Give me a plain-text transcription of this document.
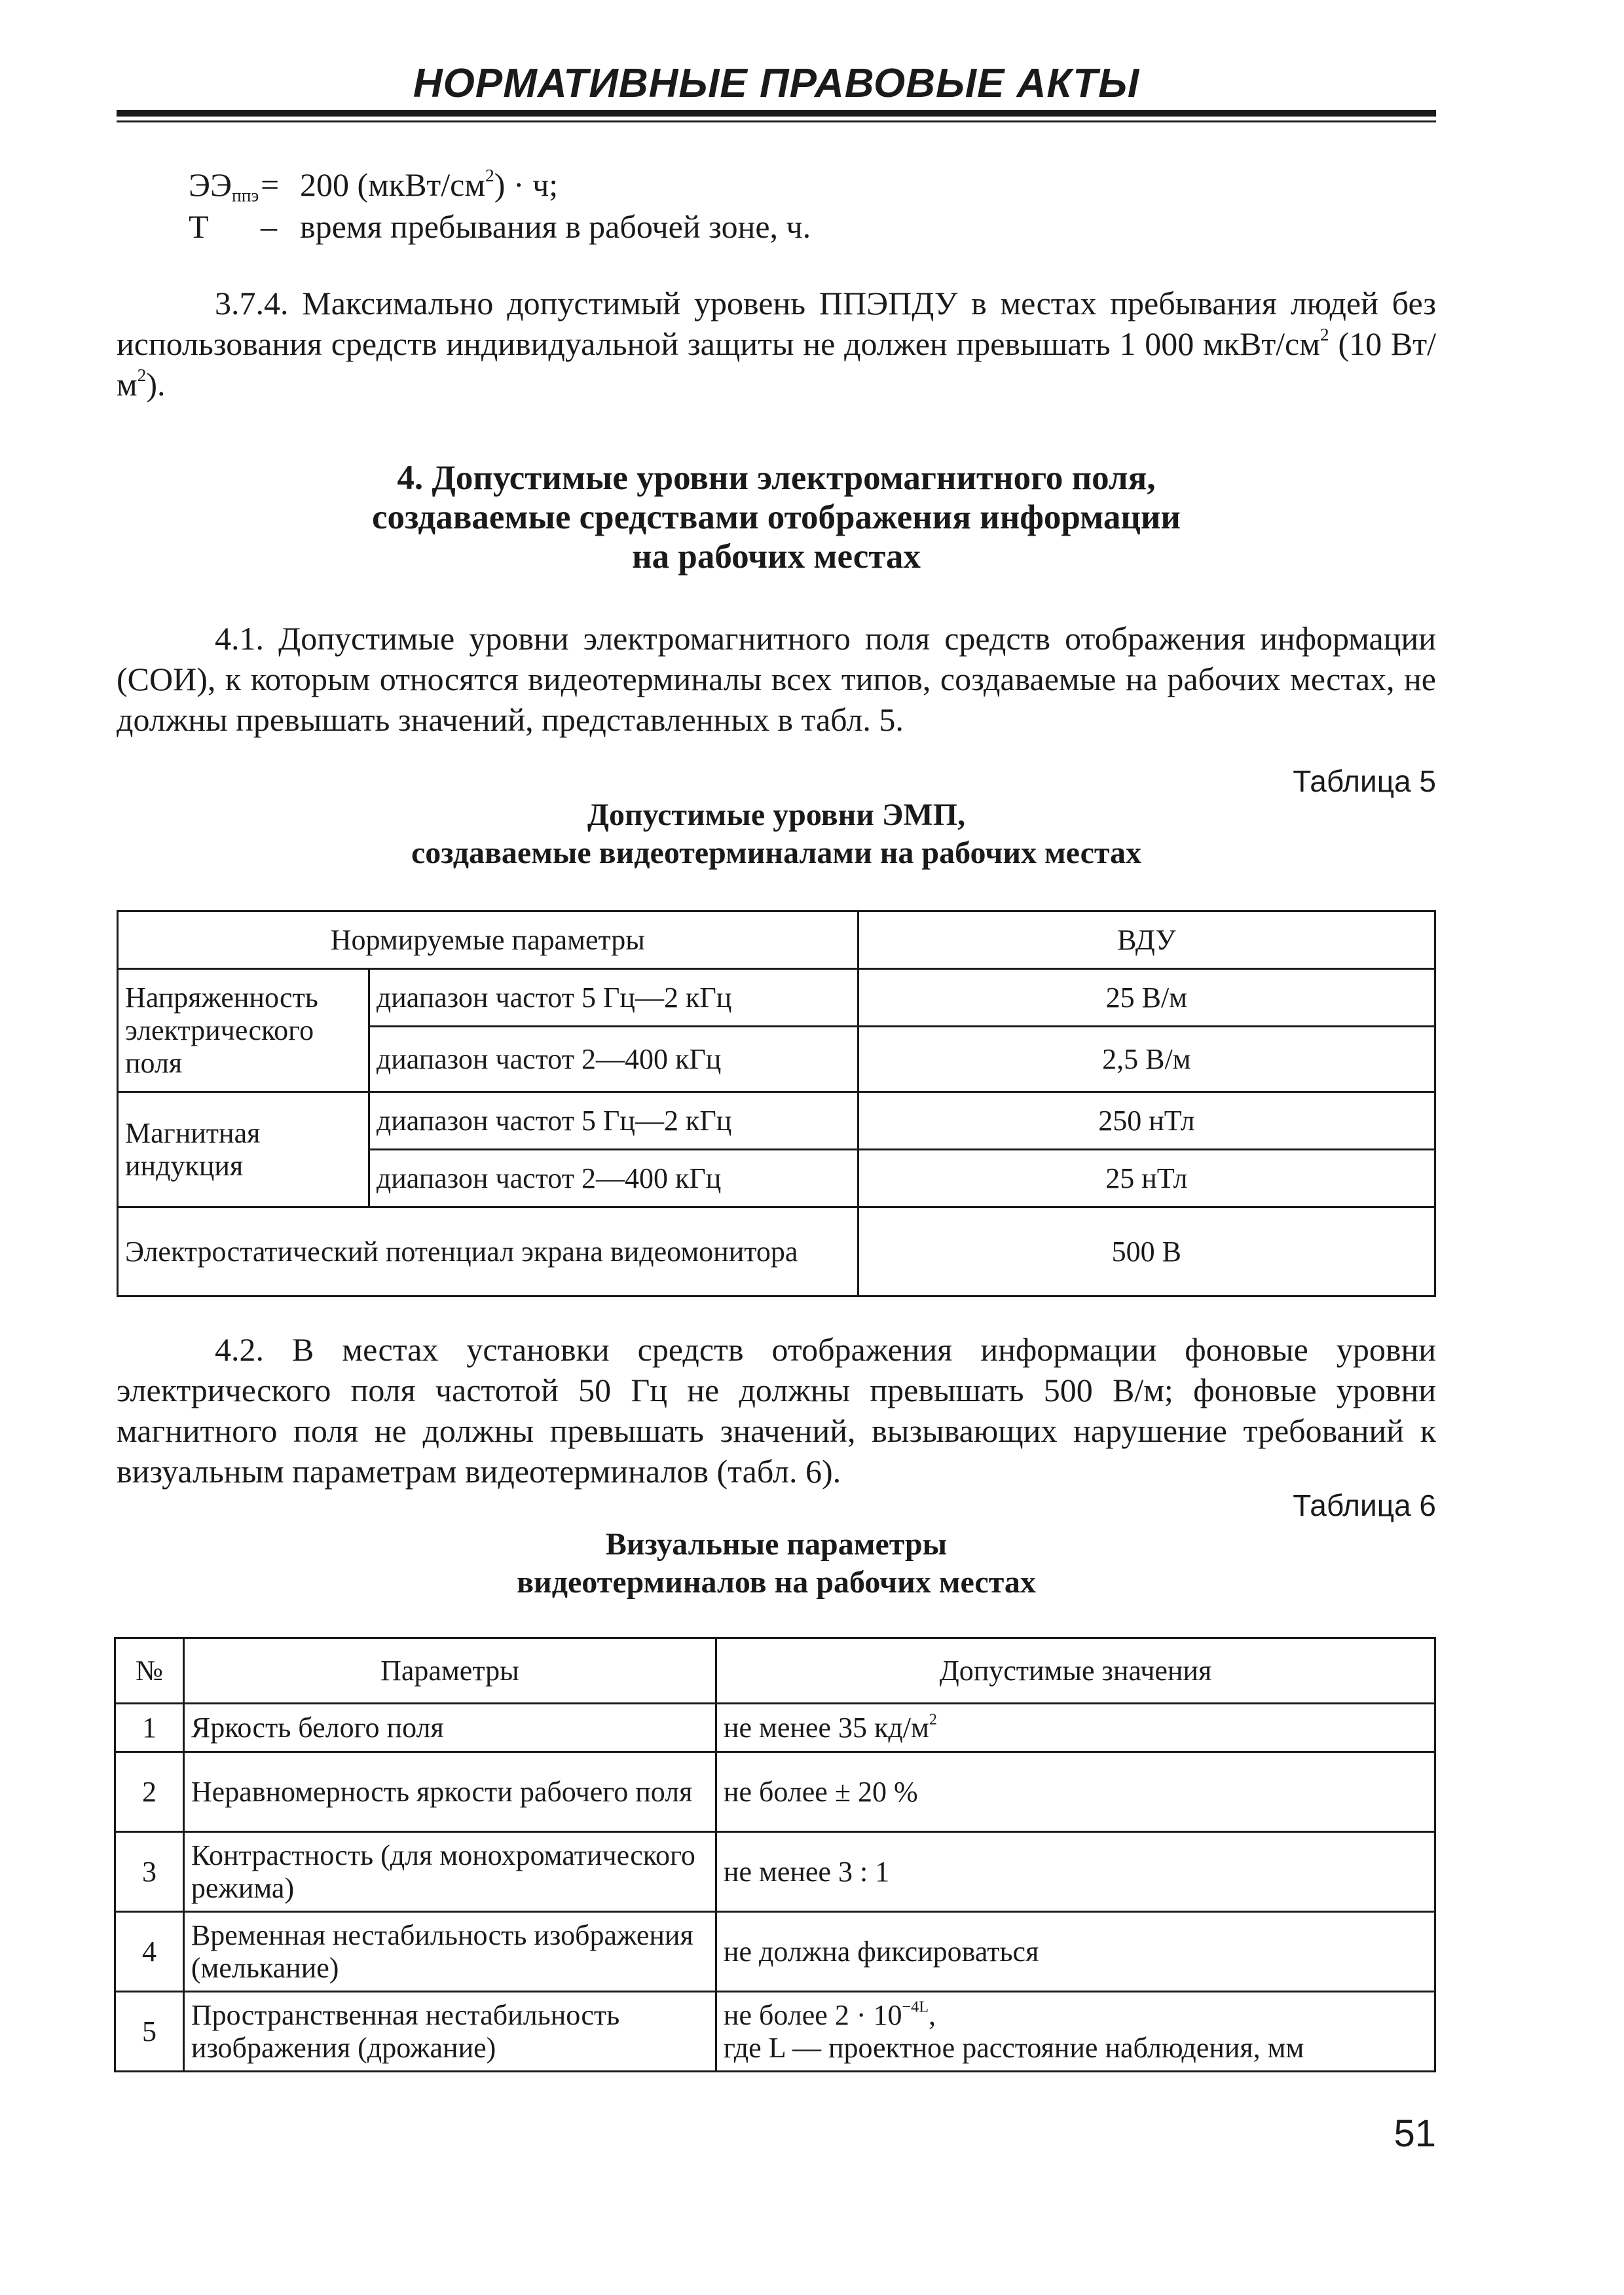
НОРМАТИВНЫЕ ПРАВОВЫЕ АКТЫ
$ЭЭ_{ппэ} = 200$ $(мкВт/см^2) \cdot ч$;
Т	– время пребывания в рабочей зоне, ч.

3.7.4. Максимально допустимый уровень ППЭПДУ в местах пребывания людей без использования средств индивидуальной защиты не должен превышать 1 000 мкВт/$см^2$ (10 $Вт/м^2$).

4. Допустимые уровни электромагнитного поля,
создаваемые средствами отображения информации
на рабочих местах

4.1. Допустимые уровни электромагнитного поля средств отображения информации (СОИ), к которым относятся видеотерминалы всех типов, создаваемые на рабочих местах, не должны превышать значений, представленных в табл. 5.

Таблица 5
Допустимые уровни ЭМП,
создаваемые видеотерминалами на рабочих местах
Нормируемые параметры		ВДУ
Напряженность электрического поля	диапазон частот 5 Гц—2 кГц	25 В/м
	диапазон частот 2—400 кГц	2,5 В/м
Магнитная индукция	диапазон частот 5 Гц—2 кГц	250 нТл
	диапазон частот 2—400 кГц	25 нТл
Электростатический потенциал экрана видеомонитора		500 В

4.2. В местах установки средств отображения информации фоновые уровни электрического поля частотой 50 Гц не должны превышать 500 В/м; фоновые уровни магнитного поля не должны превышать значений, вызывающих нарушение требований к визуальным параметрам видеотерминалов (табл. 6).

Таблица 6
Визуальные параметры
видеотерминалов на рабочих местах
№	Параметры	Допустимые значения
1	Яркость белого поля	не менее 35 $кд/м^2$
2	Неравномерность яркости рабочего поля	не более ± 20 %
3	Контрастность (для монохроматического режима)	не менее 3 : 1
4	Временная нестабильность изображения (мелькание)	не должна фиксироваться
5	Пространственная нестабильность изображения (дрожание)	не более $2 \cdot 10^{-4L}$,
где L — проектное расстояние наблюдения, мм
51
